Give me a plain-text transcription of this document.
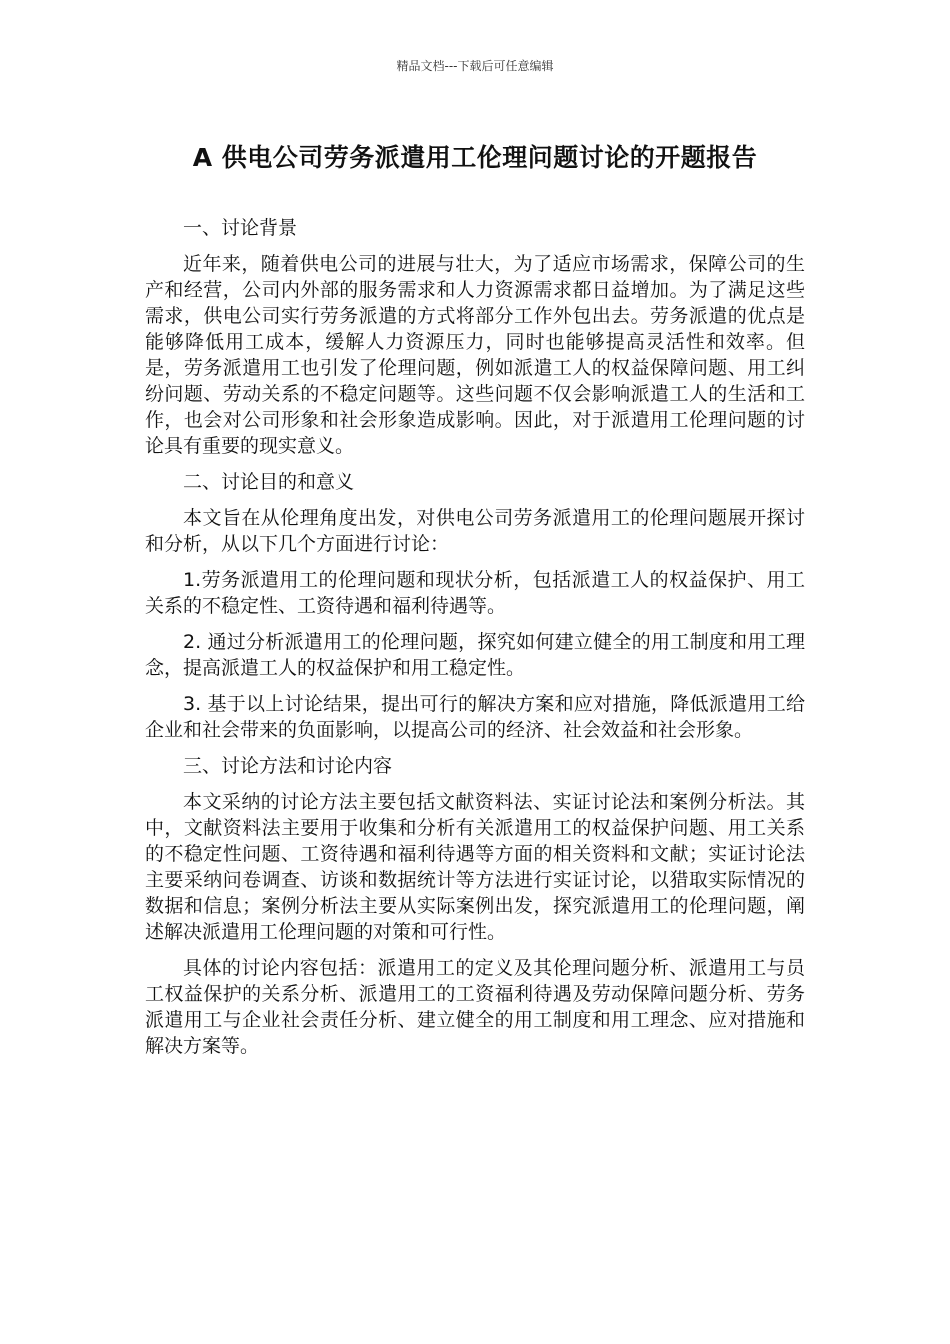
精品文档---下载后可任意编辑
A 供电公司劳务派遣用工伦理问题讨论的开题报告

一、讨论背景

近年来，随着供电公司的进展与壮大，为了适应市场需求，保障公司的生产和经营，公司内外部的服务需求和人力资源需求都日益增加。为了满足这些需求，供电公司实行劳务派遣的方式将部分工作外包出去。劳务派遣的优点是能够降低用工成本，缓解人力资源压力，同时也能够提高灵活性和效率。但是，劳务派遣用工也引发了伦理问题，例如派遣工人的权益保障问题、用工纠纷问题、劳动关系的不稳定问题等。这些问题不仅会影响派遣工人的生活和工作，也会对公司形象和社会形象造成影响。因此，对于派遣用工伦理问题的讨论具有重要的现实意义。

二、讨论目的和意义

本文旨在从伦理角度出发，对供电公司劳务派遣用工的伦理问题展开探讨和分析，从以下几个方面进行讨论：

1.劳务派遣用工的伦理问题和现状分析，包括派遣工人的权益保护、用工关系的不稳定性、工资待遇和福利待遇等。

2. 通过分析派遣用工的伦理问题，探究如何建立健全的用工制度和用工理念，提高派遣工人的权益保护和用工稳定性。

3. 基于以上讨论结果，提出可行的解决方案和应对措施，降低派遣用工给企业和社会带来的负面影响，以提高公司的经济、社会效益和社会形象。

三、讨论方法和讨论内容

本文采纳的讨论方法主要包括文献资料法、实证讨论法和案例分析法。其中，文献资料法主要用于收集和分析有关派遣用工的权益保护问题、用工关系的不稳定性问题、工资待遇和福利待遇等方面的相关资料和文献；实证讨论法主要采纳问卷调查、访谈和数据统计等方法进行实证讨论，以猎取实际情况的数据和信息；案例分析法主要从实际案例出发，探究派遣用工的伦理问题，阐述解决派遣用工伦理问题的对策和可行性。

具体的讨论内容包括：派遣用工的定义及其伦理问题分析、派遣用工与员工权益保护的关系分析、派遣用工的工资福利待遇及劳动保障问题分析、劳务派遣用工与企业社会责任分析、建立健全的用工制度和用工理念、应对措施和解决方案等。
